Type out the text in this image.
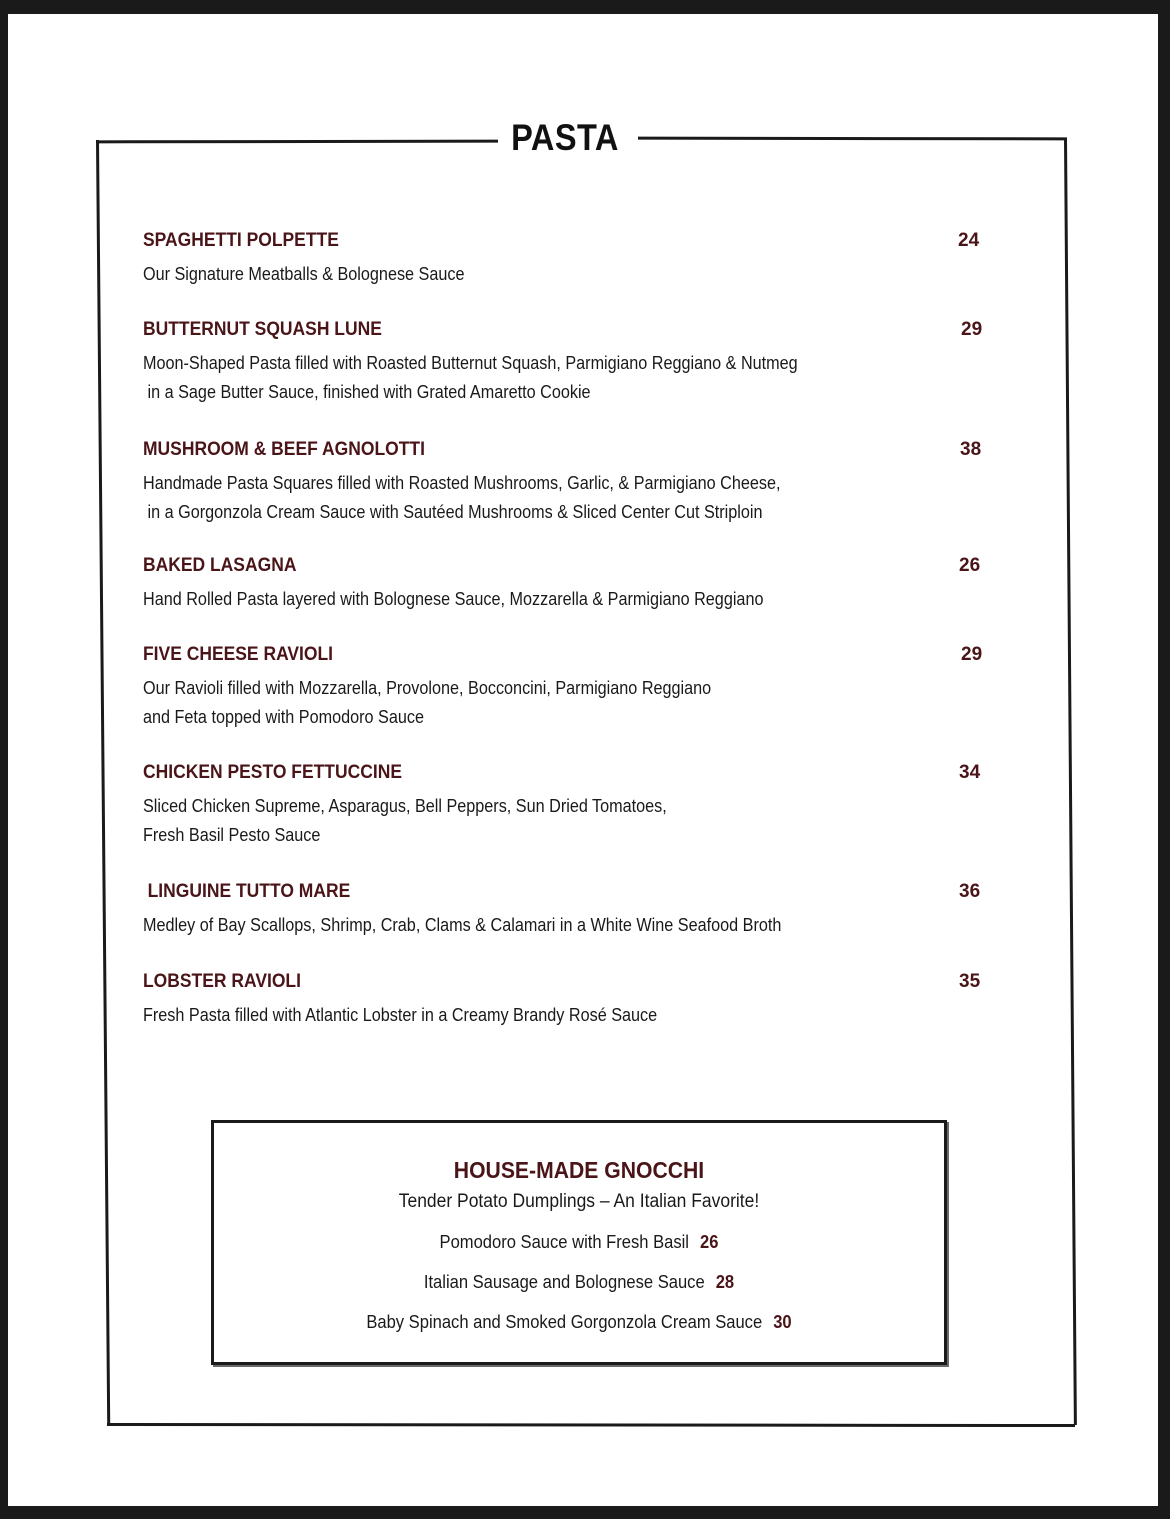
PASTA
SPAGHETTI POLPETTE	24
Our Signature Meatballs & Bolognese Sauce
BUTTERNUT SQUASH LUNE	29
Moon-Shaped Pasta filled with Roasted Butternut Squash, Parmigiano Reggiano & Nutmeg
in a Sage Butter Sauce, finished with Grated Amaretto Cookie
MUSHROOM & BEEF AGNOLOTTI	38
Handmade Pasta Squares filled with Roasted Mushrooms, Garlic, & Parmigiano Cheese,
in a Gorgonzola Cream Sauce with Sautéed Mushrooms & Sliced Center Cut Striploin
BAKED LASAGNA	26
Hand Rolled Pasta layered with Bolognese Sauce, Mozzarella & Parmigiano Reggiano
FIVE CHEESE RAVIOLI	29
Our Ravioli filled with Mozzarella, Provolone, Bocconcini, Parmigiano Reggiano
and Feta topped with Pomodoro Sauce
CHICKEN PESTO FETTUCCINE	34
Sliced Chicken Supreme, Asparagus, Bell Peppers, Sun Dried Tomatoes,
Fresh Basil Pesto Sauce
LINGUINE TUTTO MARE	36
Medley of Bay Scallops, Shrimp, Crab, Clams & Calamari in a White Wine Seafood Broth
LOBSTER RAVIOLI	35
Fresh Pasta filled with Atlantic Lobster in a Creamy Brandy Rosé Sauce
HOUSE-MADE GNOCCHI
Tender Potato Dumplings – An Italian Favorite!
Pomodoro Sauce with Fresh Basil 26
Italian Sausage and Bolognese Sauce 28
Baby Spinach and Smoked Gorgonzola Cream Sauce 30
